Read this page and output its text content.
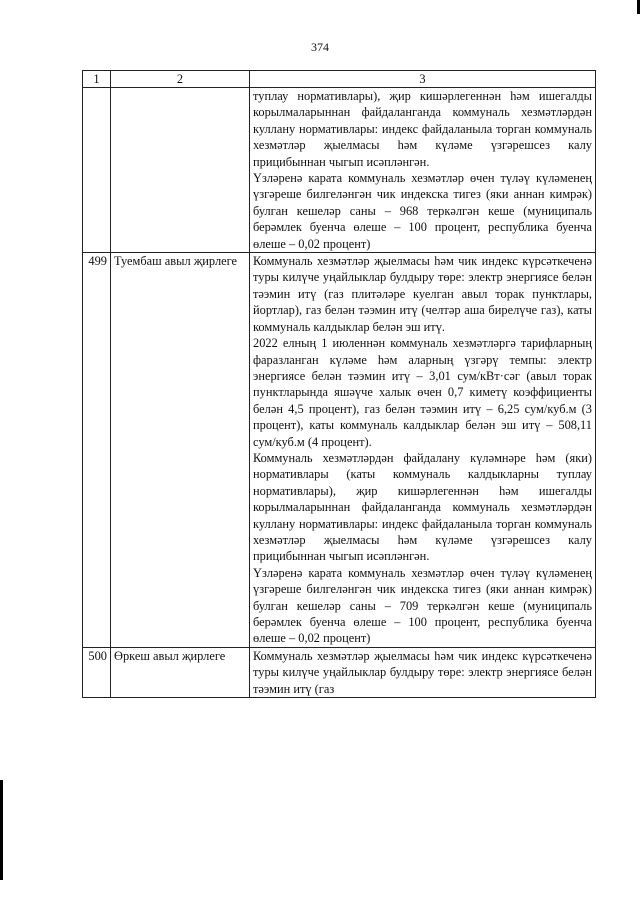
374
1	2	3

		туплау нормативлары), җир кишәрлегеннән һәм ишегалды корылмаларыннан файдаланганда коммуналь хезмәтләрдән куллану нормативлары: индекс файдаланыла торган коммуналь хезмәтләр җыелмасы һәм күләме үзгәрешсез калу прицибыннан чыгып исәпләнгән.

Үзләренә карата коммуналь хезмәтләр өчен түләү күләменең үзгәреше билгеләнгән чик индекска тигез (яки аннан кимрәк) булган кешеләр саны – 968 теркәлгән кеше (муниципаль берәмлек буенча өлеше – 100 процент, республика буенча өлеше – 0,02 процент)

499	Туембаш авыл җирлеге	Коммуналь хезмәтләр җыелмасы һәм чик индекс күрсәткеченә туры килүче уңайлыклар булдыру төре: электр энергиясе белән тәэмин итү (газ плитәләре куелган авыл торак пунктлары, йортлар), газ белән тәэмин итү (челтәр аша бирелүче газ), каты коммуналь калдыклар белән эш итү.

2022 елның 1 июленнән коммуналь хезмәтләргә тарифларның фаразланган күләме һәм аларның үзгәрү темпы: электр энергиясе белән тәэмин итү – 3,01 сум/кВт·сәг (авыл торак пунктларында яшәүче халык өчен 0,7 киметү коэффициенты белән 4,5 процент), газ белән тәэмин итү – 6,25 сум/куб.м (3 процент), каты коммуналь калдыклар белән эш итү – 508,11 сум/куб.м (4 процент).

Коммуналь хезмәтләрдән файдалану күләмнәре һәм (яки) нормативлары (каты коммуналь калдыкларны туплау нормативлары), җир кишәрлегеннән һәм ишегалды корылмаларыннан файдаланганда коммуналь хезмәтләрдән куллану нормативлары: индекс файдаланыла торган коммуналь хезмәтләр җыелмасы һәм күләме үзгәрешсез калу прицибыннан чыгып исәпләнгән.

Үзләренә карата коммуналь хезмәтләр өчен түләү күләменең үзгәреше билгеләнгән чик индекска тигез (яки аннан кимрәк) булган кешеләр саны – 709 теркәлгән кеше (муниципаль берәмлек буенча өлеше – 100 процент, республика буенча өлеше – 0,02 процент)

500	Өркеш авыл җирлеге	Коммуналь хезмәтләр җыелмасы һәм чик индекс күрсәткеченә туры килүче уңайлыклар булдыру төре: электр энергиясе белән тәэмин итү (газ
